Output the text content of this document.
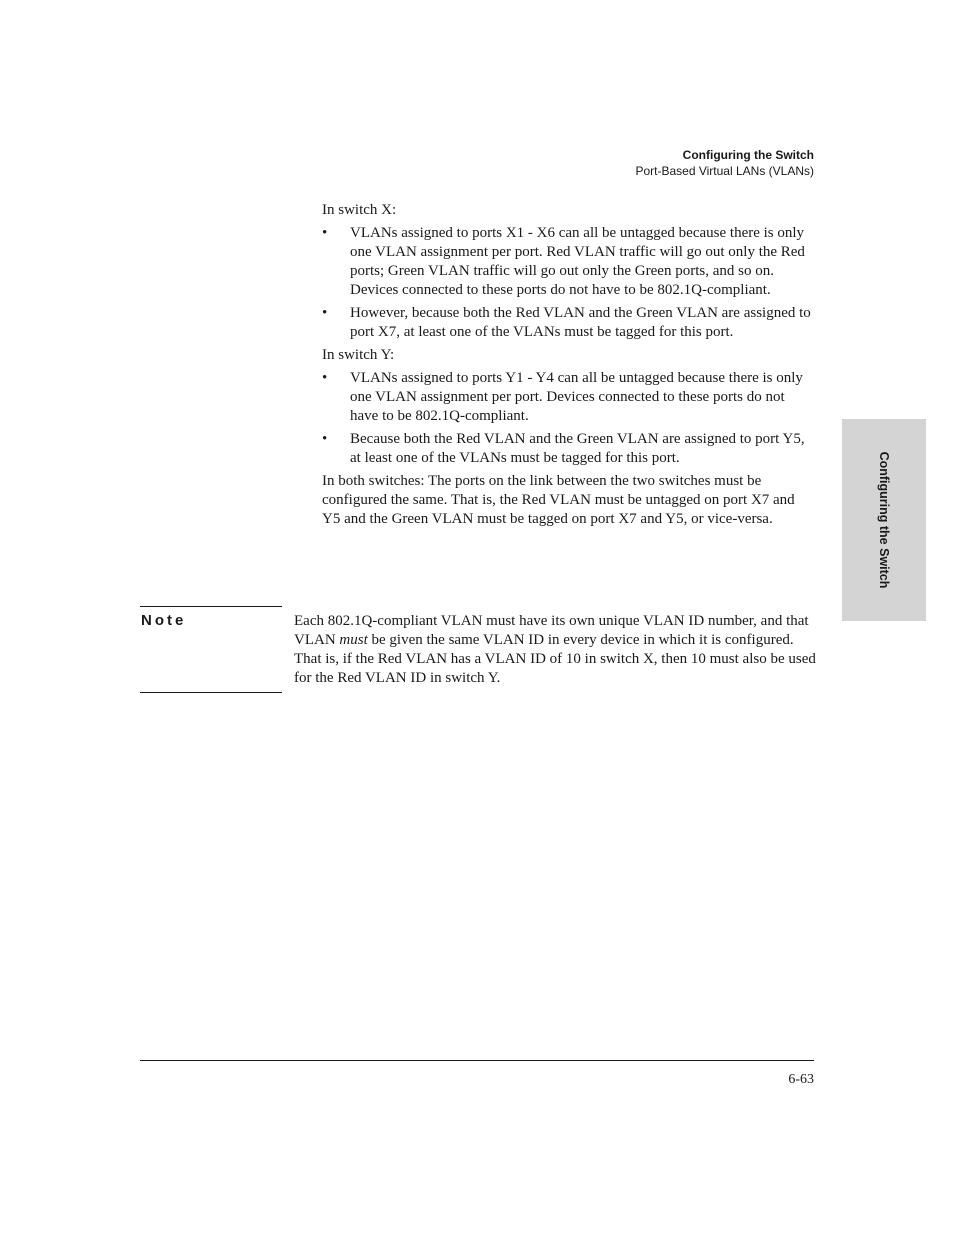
Configuring the Switch
Port-Based Virtual LANs (VLANs)
Configuring the Switch

In switch X:

• VLANs assigned to ports X1 - X6 can all be untagged because there is only one VLAN assignment per port. Red VLAN traffic will go out only the Red ports; Green VLAN traffic will go out only the Green ports, and so on. Devices connected to these ports do not have to be 802.1Q-compliant.
• However, because both the Red VLAN and the Green VLAN are assigned to port X7, at least one of the VLANs must be tagged for this port.

In switch Y:

• VLANs assigned to ports Y1 - Y4 can all be untagged because there is only one VLAN assignment per port. Devices connected to these ports do not have to be 802.1Q-compliant.
• Because both the Red VLAN and the Green VLAN are assigned to port Y5, at least one of the VLANs must be tagged for this port.

In both switches: The ports on the link between the two switches must be configured the same. That is, the Red VLAN must be untagged on port X7 and Y5 and the Green VLAN must be tagged on port X7 and Y5, or vice-versa.

Note	Each 802.1Q-compliant VLAN must have its own unique VLAN ID number, and that VLAN must be given the same VLAN ID in every device in which it is configured. That is, if the Red VLAN has a VLAN ID of 10 in switch X, then 10 must also be used for the Red VLAN ID in switch Y.
6-63
